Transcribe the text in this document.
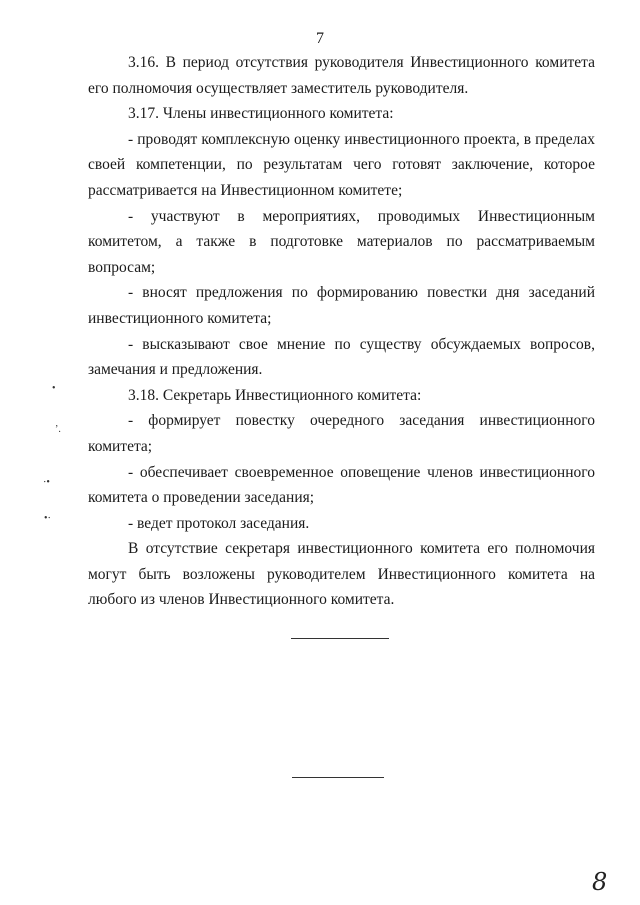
7

3.16. В период отсутствия руководителя Инвестиционного комитета его полномочия осуществляет заместитель руководителя.

3.17. Члены инвестиционного комитета:

- проводят комплексную оценку инвестиционного проекта, в пределах своей компетенции, по результатам чего готовят заключение, которое рассматривается на Инвестиционном комитете;

- участвуют в мероприятиях, проводимых Инвестиционным комитетом, а также в подготовке материалов по рассматриваемым вопросам;

- вносят предложения по формированию повестки дня заседаний инвестиционного комитета;

- высказывают свое мнение по существу обсуждаемых вопросов, замечания и предложения.

3.18. Секретарь Инвестиционного комитета:

- формирует повестку очередного заседания инвестиционного комитета;

- обеспечивает своевременное оповещение членов инвестиционного комитета о проведении заседания;

- ведет протокол заседания.

В отсутствие секретаря инвестиционного комитета его полномочия могут быть возложены руководителем Инвестиционного комитета на любого из членов Инвестиционного комитета.

•
’.
⋅•
•⋅
8
